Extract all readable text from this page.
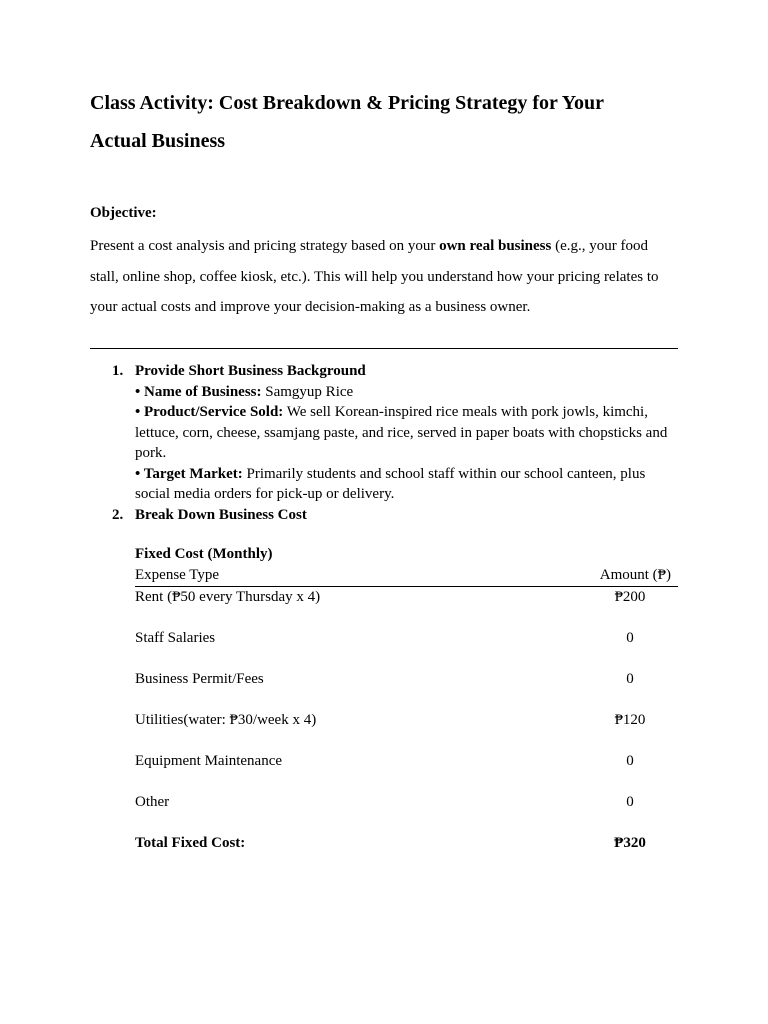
Class Activity: Cost Breakdown & Pricing Strategy for Your Actual Business
Objective:
Present a cost analysis and pricing strategy based on your own real business (e.g., your food stall, online shop, coffee kiosk, etc.). This will help you understand how your pricing relates to your actual costs and improve your decision-making as a business owner.
1. Provide Short Business Background
• Name of Business: Samgyup Rice
• Product/Service Sold: We sell Korean-inspired rice meals with pork jowls, kimchi, lettuce, corn, cheese, ssamjang paste, and rice, served in paper boats with chopsticks and pork.
• Target Market: Primarily students and school staff within our school canteen, plus social media orders for pick-up or delivery.
2. Break Down Business Cost
Fixed Cost (Monthly)
Expense Type	Amount (₱)
Rent (₱50 every Thursday x 4)	₱200
Staff Salaries	0
Business Permit/Fees	0
Utilities(water: ₱30/week x 4)	₱120
Equipment Maintenance	0
Other	0
Total Fixed Cost:	₱320
